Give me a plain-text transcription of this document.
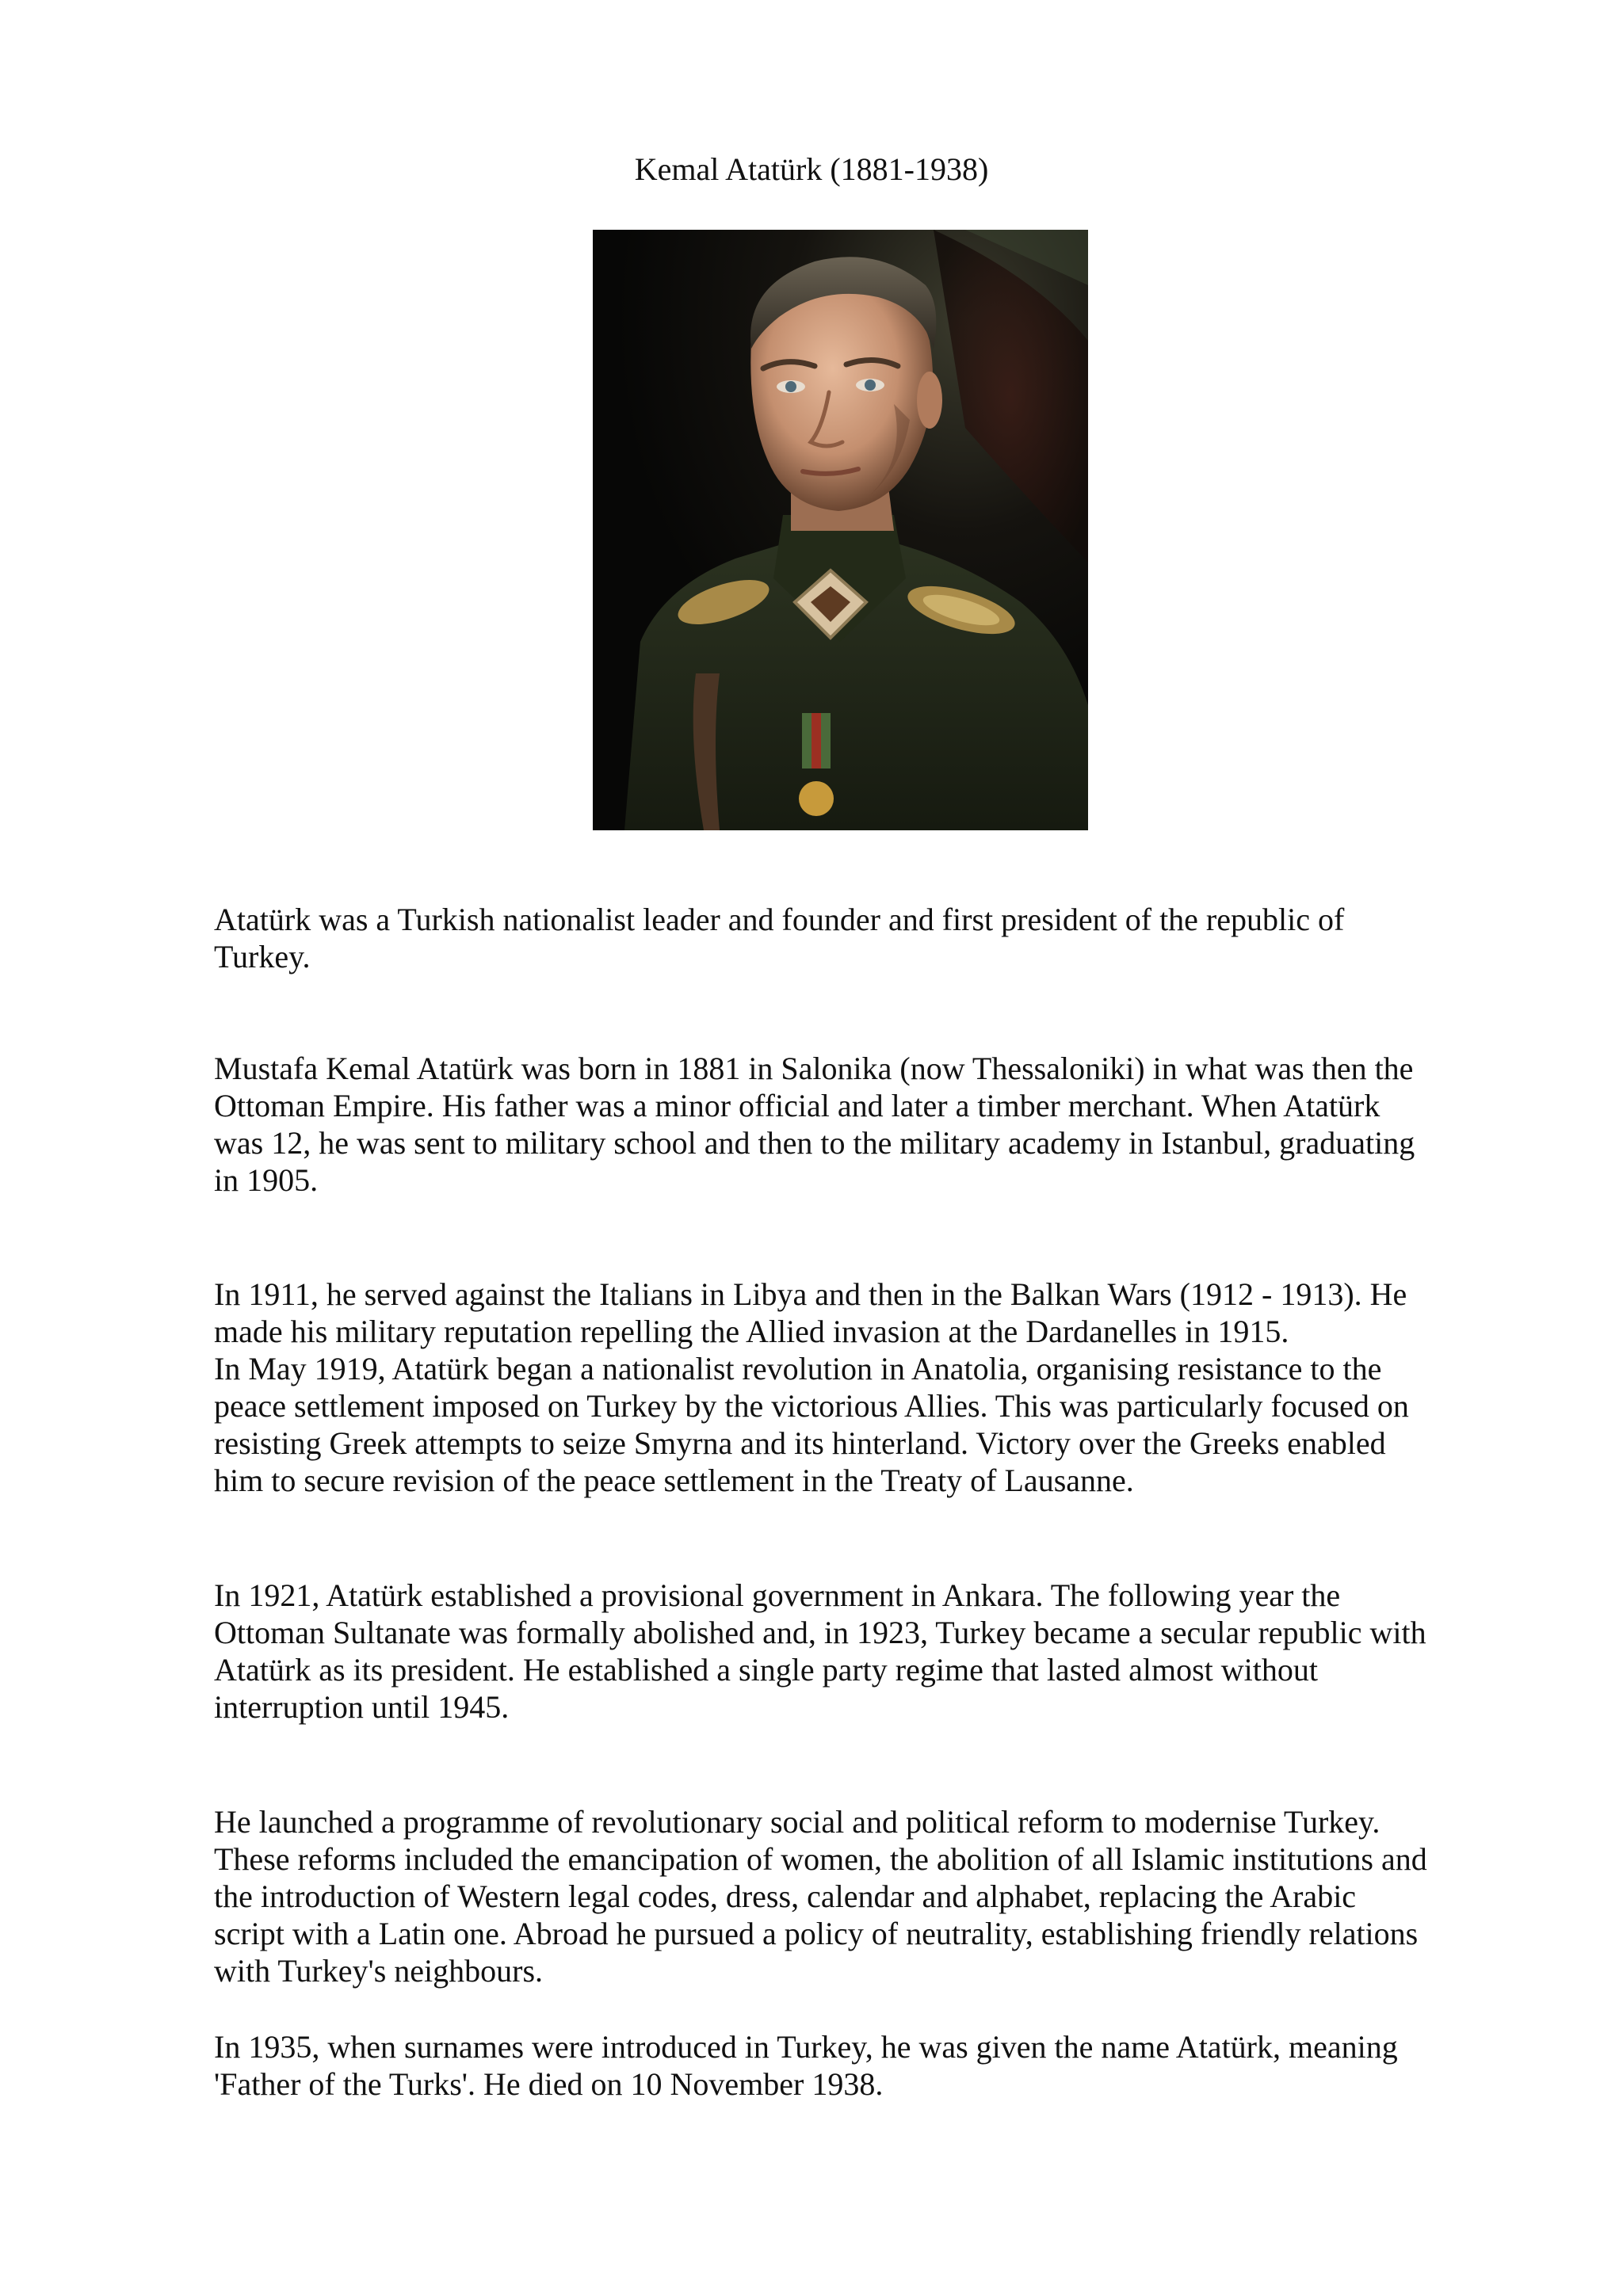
Kemal Atatürk (1881-1938)

Atatürk was a Turkish nationalist leader and founder and first president of the republic of
Turkey.

Mustafa Kemal Atatürk was born in 1881 in Salonika (now Thessaloniki) in what was then the
Ottoman Empire. His father was a minor official and later a timber merchant. When Atatürk
was 12, he was sent to military school and then to the military academy in Istanbul, graduating
in 1905.

In 1911, he served against the Italians in Libya and then in the Balkan Wars (1912 - 1913). He
made his military reputation repelling the Allied invasion at the Dardanelles in 1915.
In May 1919, Atatürk began a nationalist revolution in Anatolia, organising resistance to the
peace settlement imposed on Turkey by the victorious Allies. This was particularly focused on
resisting Greek attempts to seize Smyrna and its hinterland. Victory over the Greeks enabled
him to secure revision of the peace settlement in the Treaty of Lausanne.

In 1921, Atatürk established a provisional government in Ankara. The following year the
Ottoman Sultanate was formally abolished and, in 1923, Turkey became a secular republic with
Atatürk as its president. He established a single party regime that lasted almost without
interruption until 1945.

He launched a programme of revolutionary social and political reform to modernise Turkey.
These reforms included the emancipation of women, the abolition of all Islamic institutions and
the introduction of Western legal codes, dress, calendar and alphabet, replacing the Arabic
script with a Latin one. Abroad he pursued a policy of neutrality, establishing friendly relations
with Turkey's neighbours.

In 1935, when surnames were introduced in Turkey, he was given the name Atatürk, meaning
'Father of the Turks'. He died on 10 November 1938.
